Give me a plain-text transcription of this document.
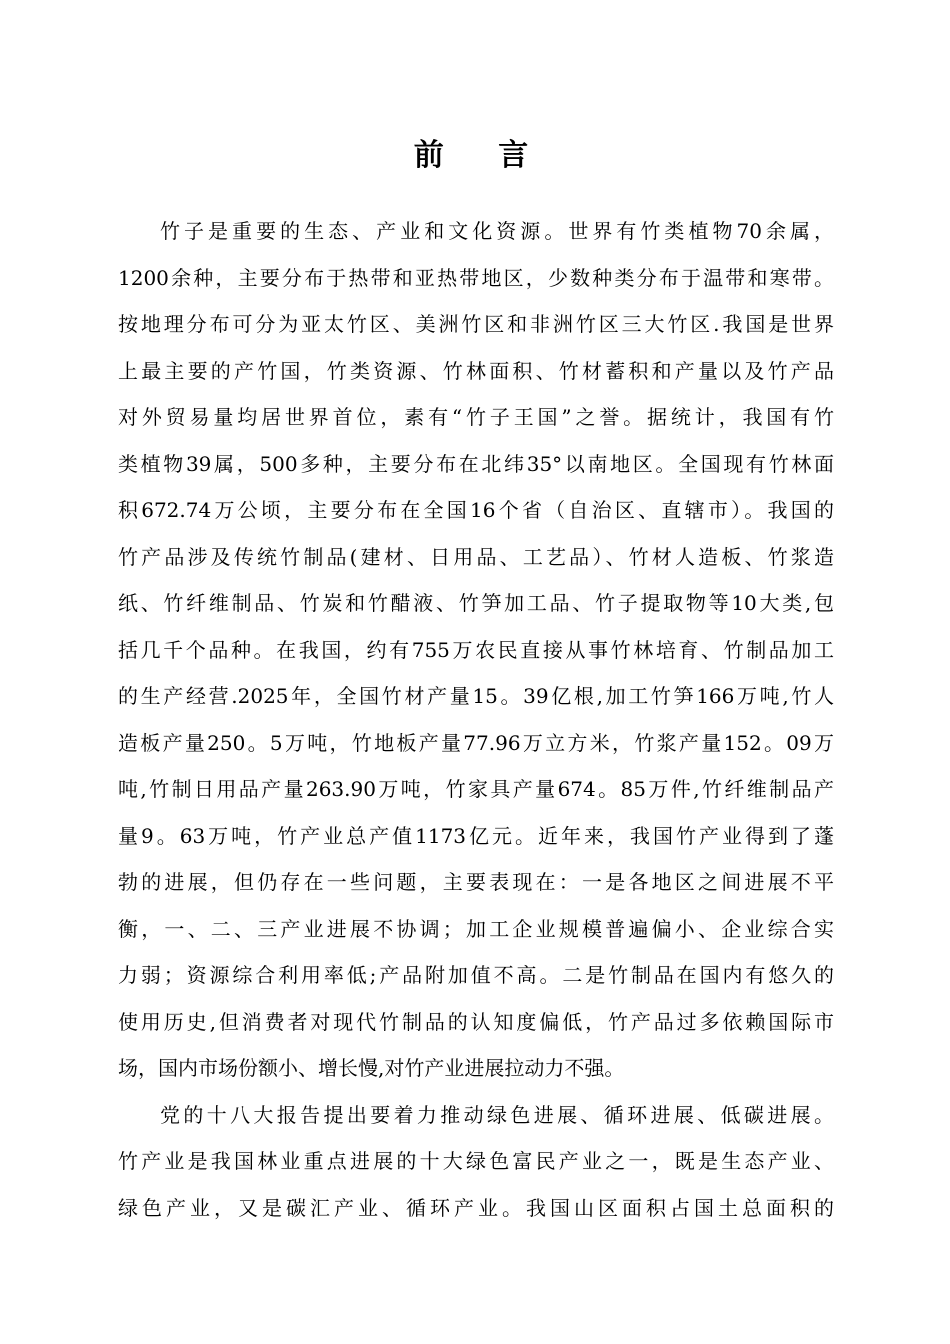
前 言
竹子是重要的生态、产业和文化资源。世界有竹类植物70余属，
1200余种，主要分布于热带和亚热带地区，少数种类分布于温带和寒带。
按地理分布可分为亚太竹区、美洲竹区和非洲竹区三大竹区.我国是世界
上最主要的产竹国，竹类资源、竹林面积、竹材蓄积和产量以及竹产品
对外贸易量均居世界首位，素有“竹子王国”之誉。据统计，我国有竹
类植物39属，500多种，主要分布在北纬35°以南地区。全国现有竹林面
积672.74万公顷，主要分布在全国16个省（自治区、直辖市）。我国的
竹产品涉及传统竹制品(建材、日用品、工艺品）、竹材人造板、竹浆造
纸、竹纤维制品、竹炭和竹醋液、竹笋加工品、竹子提取物等10大类,包
括几千个品种。在我国，约有755万农民直接从事竹林培育、竹制品加工
的生产经营.2025年，全国竹材产量15。39亿根,加工竹笋166万吨,竹人
造板产量250。5万吨，竹地板产量77.96万立方米，竹浆产量152。09万
吨,竹制日用品产量263.90万吨，竹家具产量674。85万件,竹纤维制品产
量9。63万吨，竹产业总产值1173亿元。近年来，我国竹产业得到了蓬
勃的进展，但仍存在一些问题，主要表现在：一是各地区之间进展不平
衡，一、二、三产业进展不协调；加工企业规模普遍偏小、企业综合实
力弱；资源综合利用率低;产品附加值不高。二是竹制品在国内有悠久的
使用历史,但消费者对现代竹制品的认知度偏低，竹产品过多依赖国际市
场，国内市场份额小、增长慢,对竹产业进展拉动力不强。
党的十八大报告提出要着力推动绿色进展、循环进展、低碳进展。
竹产业是我国林业重点进展的十大绿色富民产业之一，既是生态产业、
绿色产业，又是碳汇产业、循环产业。我国山区面积占国土总面积的
